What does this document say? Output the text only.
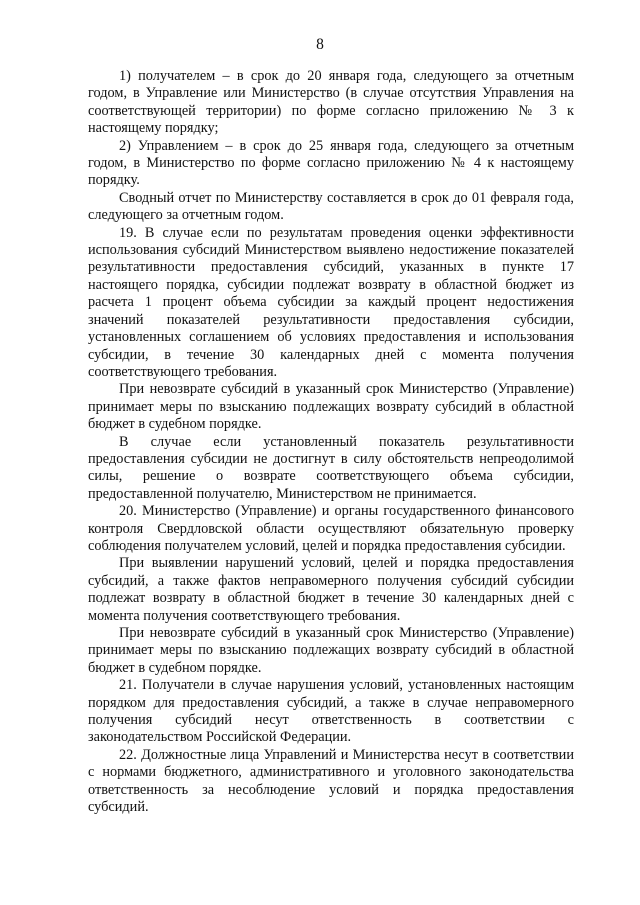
8

1) получателем – в срок до 20 января года, следующего за отчетным годом, в Управление или Министерство (в случае отсутствия Управления на соответствующей территории) по форме согласно приложению № 3 к настоящему порядку;

2) Управлением – в срок до 25 января года, следующего за отчетным годом, в Министерство по форме согласно приложению № 4 к настоящему порядку.

Сводный отчет по Министерству составляется в срок до 01 февраля года, следующего за отчетным годом.

19. В случае если по результатам проведения оценки эффективности использования субсидий Министерством выявлено недостижение показателей результативности предоставления субсидий, указанных в пункте 17 настоящего порядка, субсидии подлежат возврату в областной бюджет из расчета 1 процент объема субсидии за каждый процент недостижения значений показателей результативности предоставления субсидии, установленных соглашением об условиях предоставления и использования субсидии, в течение 30 календарных дней с момента получения соответствующего требования.

При невозврате субсидий в указанный срок Министерство (Управление) принимает меры по взысканию подлежащих возврату субсидий в областной бюджет в судебном порядке.

В случае если установленный показатель результативности предоставления субсидии не достигнут в силу обстоятельств непреодолимой силы, решение о возврате соответствующего объема субсидии, предоставленной получателю, Министерством не принимается.

20. Министерство (Управление) и органы государственного финансового контроля Свердловской области осуществляют обязательную проверку соблюдения получателем условий, целей и порядка предоставления субсидии.

При выявлении нарушений условий, целей и порядка предоставления субсидий, а также фактов неправомерного получения субсидий субсидии подлежат возврату в областной бюджет в течение 30 календарных дней с момента получения соответствующего требования.

При невозврате субсидий в указанный срок Министерство (Управление) принимает меры по взысканию подлежащих возврату субсидий в областной бюджет в судебном порядке.

21. Получатели в случае нарушения условий, установленных настоящим порядком для предоставления субсидий, а также в случае неправомерного получения субсидий несут ответственность в соответствии с законодательством Российской Федерации.

22. Должностные лица Управлений и Министерства несут в соответствии с нормами бюджетного, административного и уголовного законодательства ответственность за несоблюдение условий и порядка предоставления субсидий.
